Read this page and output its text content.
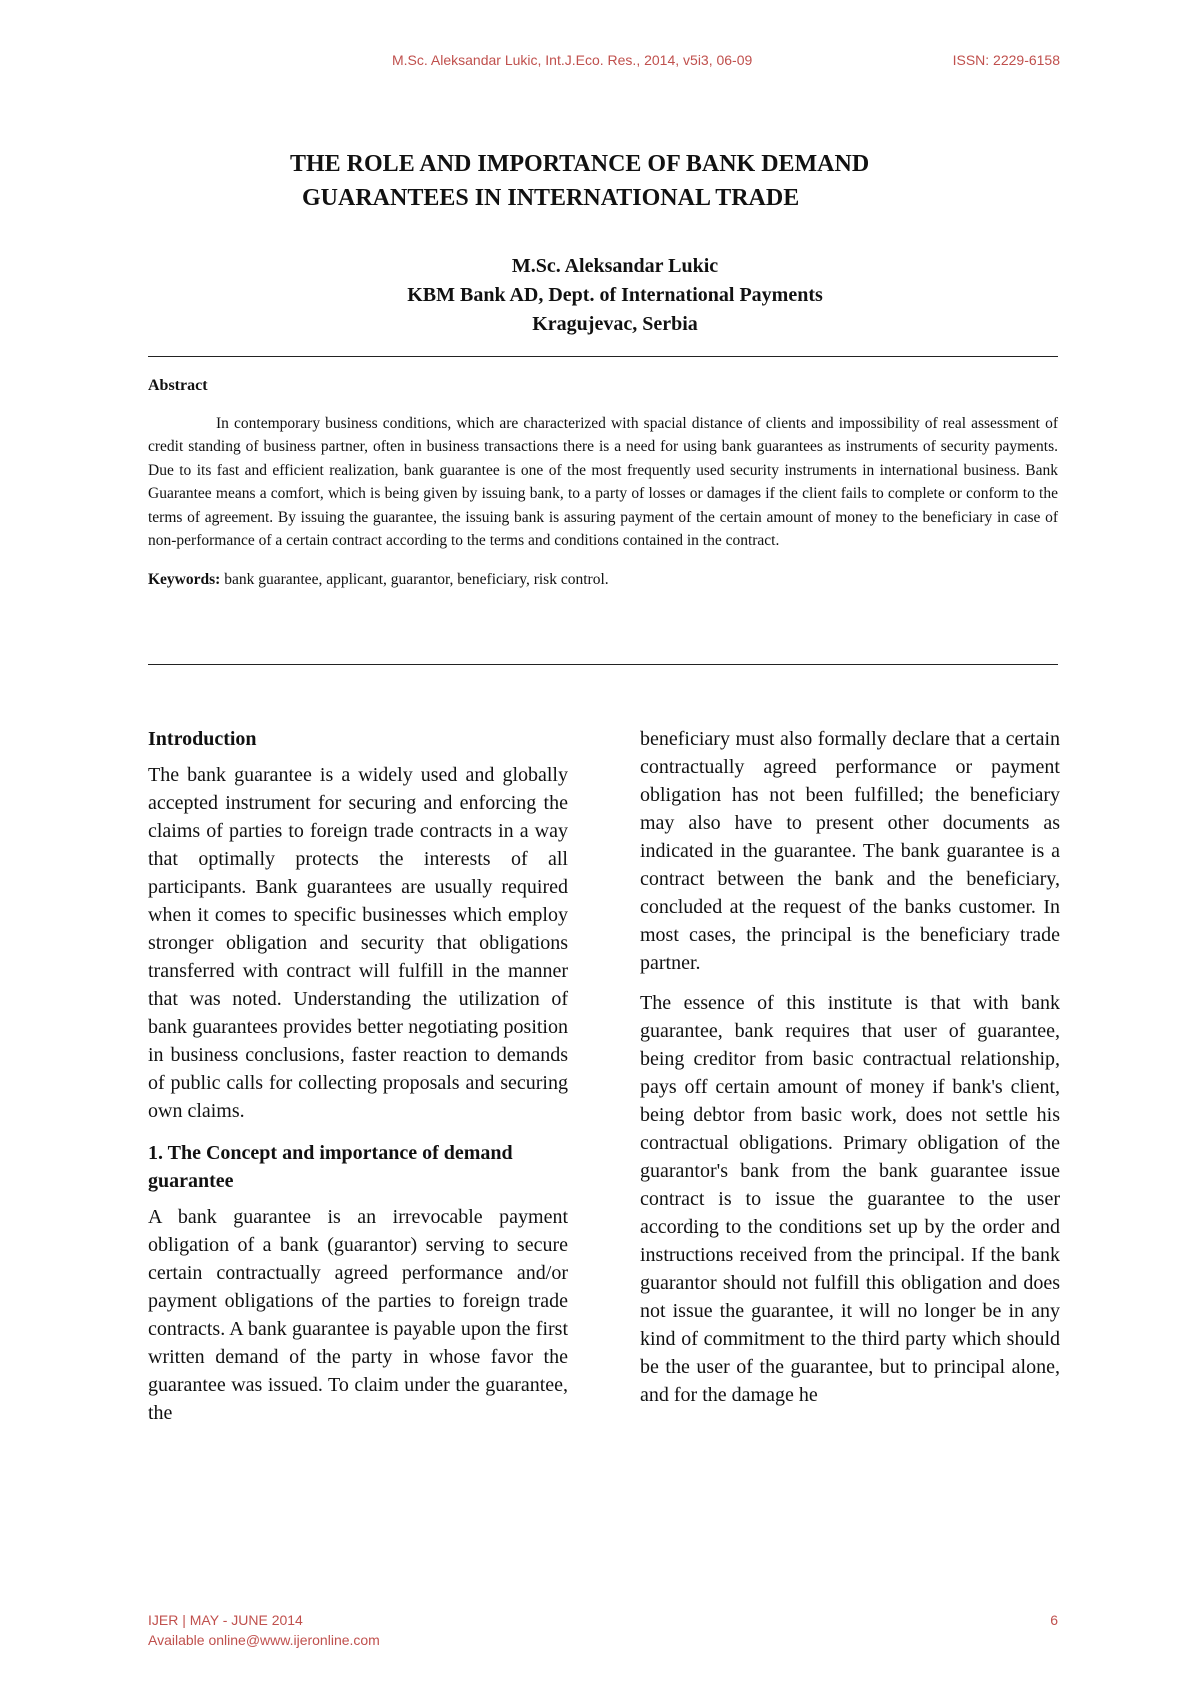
M.Sc. Aleksandar Lukic, Int.J.Eco. Res., 2014, v5i3, 06-09	ISSN: 2229-6158
THE ROLE AND IMPORTANCE OF BANK DEMAND
GUARANTEES IN INTERNATIONAL TRADE
M.Sc. Aleksandar Lukic
KBM Bank AD, Dept. of International Payments
Kragujevac, Serbia
Abstract

In contemporary business conditions, which are characterized with spacial distance of clients and impossibility of real assessment of credit standing of business partner, often in business transactions there is a need for using bank guarantees as instruments of security payments. Due to its fast and efficient realization, bank guarantee is one of the most frequently used security instruments in international business. Bank Guarantee means a comfort, which is being given by issuing bank, to a party of losses or damages if the client fails to complete or conform to the terms of agreement. By issuing the guarantee, the issuing bank is assuring payment of the certain amount of money to the beneficiary in case of non-performance of a certain contract according to the terms and conditions contained in the contract.

Keywords: bank guarantee, applicant, guarantor, beneficiary, risk control.
Introduction

The bank guarantee is a widely used and globally accepted instrument for securing and enforcing the claims of parties to foreign trade contracts in a way that optimally protects the interests of all participants. Bank guarantees are usually required when it comes to specific businesses which employ stronger obligation and security that obligations transferred with contract will fulfill in the manner that was noted. Understanding the utilization of bank guarantees provides better negotiating position in business conclusions, faster reaction to demands of public calls for collecting proposals and securing own claims.

1. The Concept and importance of demand guarantee

A bank guarantee is an irrevocable payment obligation of a bank (guarantor) serving to secure certain contractually agreed performance and/or payment obligations of the parties to foreign trade contracts. A bank guarantee is payable upon the first written demand of the party in whose favor the guarantee was issued. To claim under the guarantee, the

beneficiary must also formally declare that a certain contractually agreed performance or payment obligation has not been fulfilled; the beneficiary may also have to present other documents as indicated in the guarantee. The bank guarantee is a contract between the bank and the beneficiary, concluded at the request of the banks customer. In most cases, the principal is the beneficiary trade partner.

The essence of this institute is that with bank guarantee, bank requires that user of guarantee, being creditor from basic contractual relationship, pays off certain amount of money if bank's client, being debtor from basic work, does not settle his contractual obligations. Primary obligation of the guarantor's bank from the bank guarantee issue contract is to issue the guarantee to the user according to the conditions set up by the order and instructions received from the principal. If the bank guarantor should not fulfill this obligation and does not issue the guarantee, it will no longer be in any kind of commitment to the third party which should be the user of the guarantee, but to principal alone, and for the damage he

IJER | MAY - JUNE 2014
Available online@www.ijeronline.com
6
